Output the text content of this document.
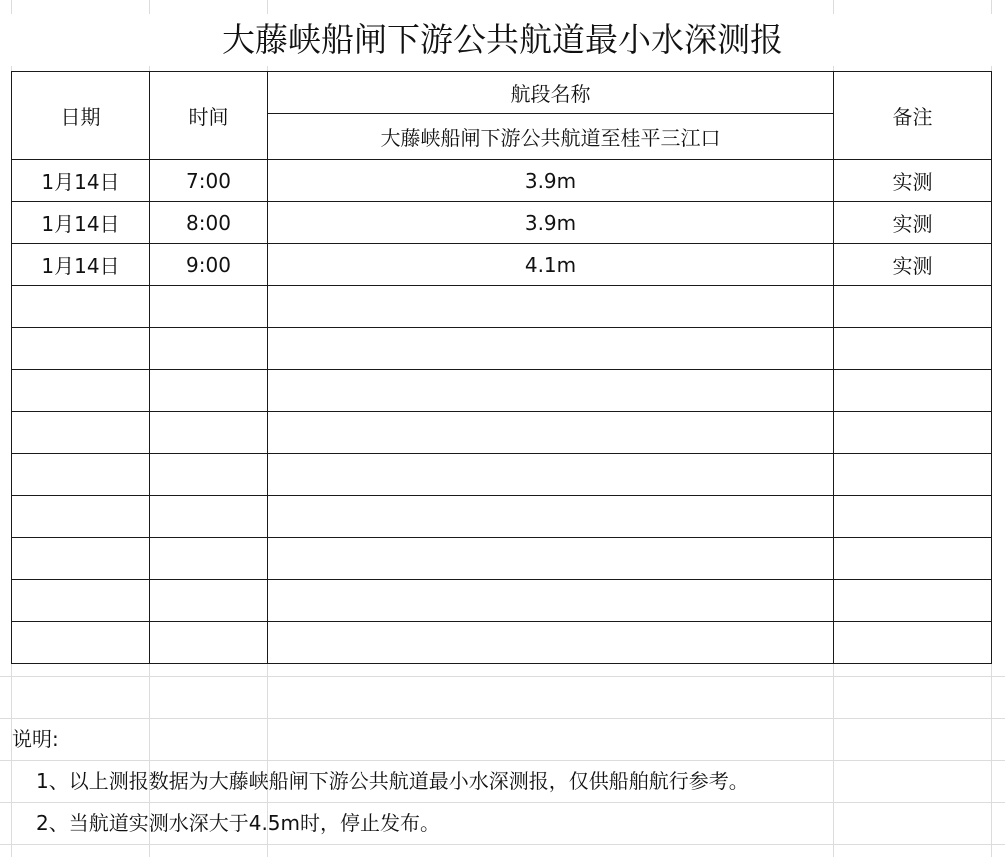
大藤峡船闸下游公共航道最小水深测报
日期	时间	航段名称	备注
		大藤峡船闸下游公共航道至桂平三江口	
1月14日	7:00	3.9m	实测
1月14日	8:00	3.9m	实测
1月14日	9:00	4.1m	实测

说明:
1、以上测报数据为大藤峡船闸下游公共航道最小水深测报，仅供船舶航行参考。
2、当航道实测水深大于4.5m时，停止发布。
